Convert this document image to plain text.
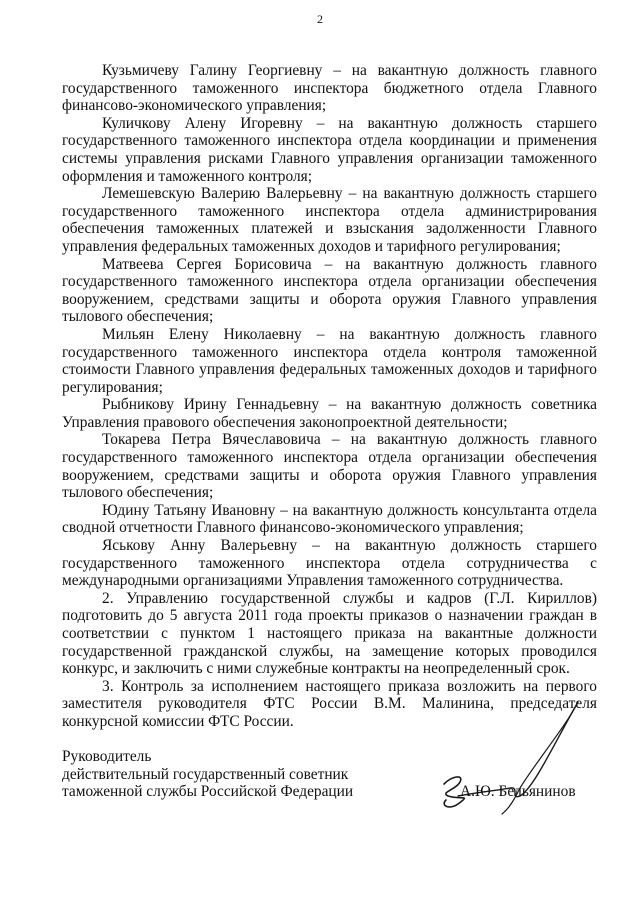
2

Кузьмичеву Галину Георгиевну – на вакантную должность главного государственного таможенного инспектора бюджетного отдела Главного финансово-экономического управления;

Куличкову Алену Игоревну – на вакантную должность старшего государственного таможенного инспектора отдела координации и применения системы управления рисками Главного управления организации таможенного оформления и таможенного контроля;

Лемешевскую Валерию Валерьевну – на вакантную должность старшего государственного таможенного инспектора отдела администрирования обеспечения таможенных платежей и взыскания задолженности Главного управления федеральных таможенных доходов и тарифного регулирования;

Матвеева Сергея Борисовича – на вакантную должность главного государственного таможенного инспектора отдела организации обеспечения вооружением, средствами защиты и оборота оружия Главного управления тылового обеспечения;

Мильян Елену Николаевну – на вакантную должность главного государственного таможенного инспектора отдела контроля таможенной стоимости Главного управления федеральных таможенных доходов и тарифного регулирования;

Рыбникову Ирину Геннадьевну – на вакантную должность советника Управления правового обеспечения законопроектной деятельности;

Токарева Петра Вячеславовича – на вакантную должность главного государственного таможенного инспектора отдела организации обеспечения вооружением, средствами защиты и оборота оружия Главного управления тылового обеспечения;

Юдину Татьяну Ивановну – на вакантную должность консультанта отдела сводной отчетности Главного финансово-экономического управления;

Яськову Анну Валерьевну – на вакантную должность старшего государственного таможенного инспектора отдела сотрудничества с международными организациями Управления таможенного сотрудничества.

2. Управлению государственной службы и кадров (Г.Л. Кириллов) подготовить до 5 августа 2011 года проекты приказов о назначении граждан в соответствии с пунктом 1 настоящего приказа на вакантные должности государственной гражданской службы, на замещение которых проводился конкурс, и заключить с ними служебные контракты на неопределенный срок.

3. Контроль за исполнением настоящего приказа возложить на первого заместителя руководителя ФТС России В.М. Малинина, председателя конкурсной комиссии ФТС России.

Руководитель
действительный государственный советник
таможенной службы Российской Федерации	А.Ю. Бельянинов
